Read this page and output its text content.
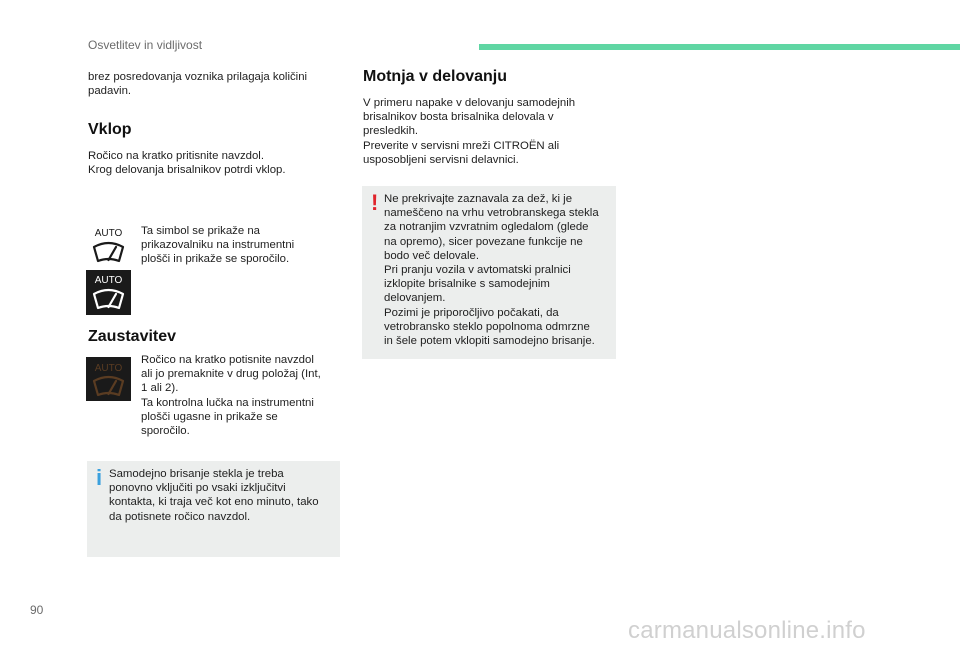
Osvetlitev in vidljivost
brez posredovanja voznika prilagaja količini
padavin.
Vklop
Ročico na kratko pritisnite navzdol.
Krog delovanja brisalnikov potrdi vklop.
AUTO
AUTO
Ta simbol se prikaže na
prikazovalniku na instrumentni
plošči in prikaže se sporočilo.
Zaustavitev
AUTO
Ročico na kratko potisnite navzdol
ali jo premaknite v drug položaj (Int,
1 ali 2).
Ta kontrolna lučka na instrumentni
plošči ugasne in prikaže se
sporočilo.
i Samodejno brisanje stekla je treba
ponovno vključiti po vsaki izključitvi
kontakta, ki traja več kot eno minuto, tako
da potisnete ročico navzdol.
Motnja v delovanju
V primeru napake v delovanju samodejnih
brisalnikov bosta brisalnika delovala v
presledkih.
Preverite v servisni mreži CITROËN ali
usposobljeni servisni delavnici.
! Ne prekrivajte zaznavala za dež, ki je
nameščeno na vrhu vetrobranskega stekla
za notranjim vzvratnim ogledalom (glede
na opremo), sicer povezane funkcije ne
bodo več delovale.
Pri pranju vozila v avtomatski pralnici
izklopite brisalnike s samodejnim
delovanjem.
Pozimi je priporočljivo počakati, da
vetrobransko steklo popolnoma odmrzne
in šele potem vklopiti samodejno brisanje.
90
carmanualsonline.info
